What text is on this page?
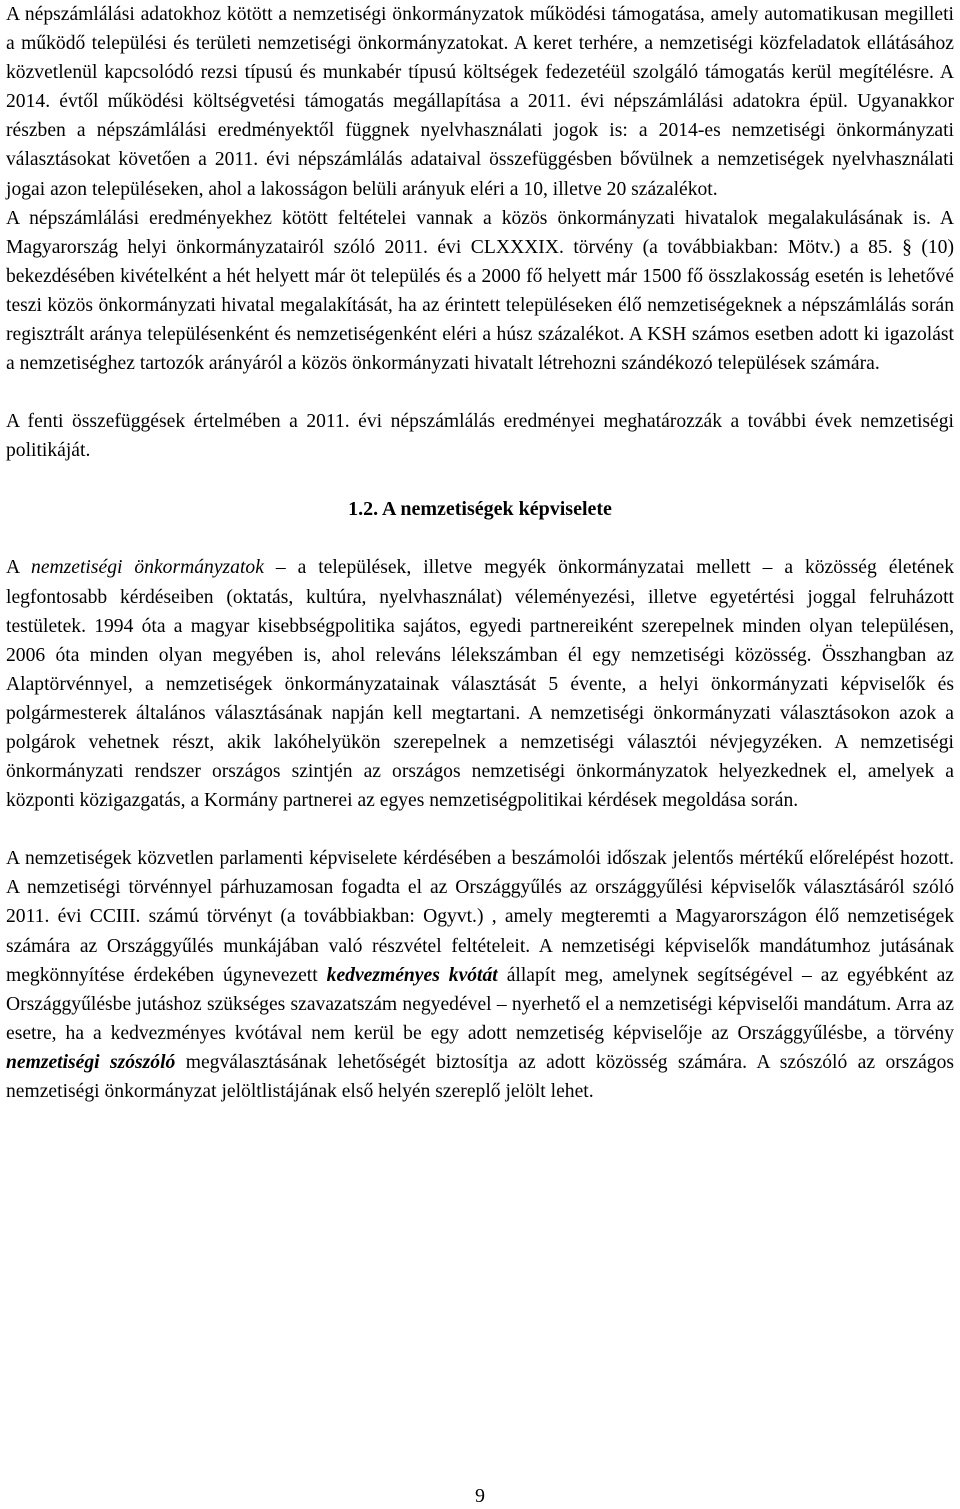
A népszámlálási adatokhoz kötött a nemzetiségi önkormányzatok működési támogatása, amely automatikusan megilleti a működő települési és területi nemzetiségi önkormányzatokat. A keret terhére, a nemzetiségi közfeladatok ellátásához közvetlenül kapcsolódó rezsi típusú és munkabér típusú költségek fedezetéül szolgáló támogatás kerül megítélésre. A 2014. évtől működési költségvetési támogatás megállapítása a 2011. évi népszámlálási adatokra épül. Ugyanakkor részben a népszámlálási eredményektől függnek nyelvhasználati jogok is: a 2014-es nemzetiségi önkormányzati választásokat követően a 2011. évi népszámlálás adataival összefüggésben bővülnek a nemzetiségek nyelvhasználati jogai azon településeken, ahol a lakosságon belüli arányuk eléri a 10, illetve 20 százalékot.

A népszámlálási eredményekhez kötött feltételei vannak a közös önkormányzati hivatalok megalakulásának is. A Magyarország helyi önkormányzatairól szóló 2011. évi CLXXXIX. törvény (a továbbiakban: Mötv.) a 85. § (10) bekezdésében kivételként a hét helyett már öt település és a 2000 fő helyett már 1500 fő összlakosság esetén is lehetővé teszi közös önkormányzati hivatal megalakítását, ha az érintett településeken élő nemzetiségeknek a népszámlálás során regisztrált aránya településenként és nemzetiségenként eléri a húsz százalékot. A KSH számos esetben adott ki igazolást a nemzetiséghez tartozók arányáról a közös önkormányzati hivatalt létrehozni szándékozó települések számára.

A fenti összefüggések értelmében a 2011. évi népszámlálás eredményei meghatározzák a további évek nemzetiségi politikáját.

1.2. A nemzetiségek képviselete

A nemzetiségi önkormányzatok – a települések, illetve megyék önkormányzatai mellett – a közösség életének legfontosabb kérdéseiben (oktatás, kultúra, nyelvhasználat) véleményezési, illetve egyetértési joggal felruházott testületek. 1994 óta a magyar kisebbségpolitika sajátos, egyedi partnereiként szerepelnek minden olyan településen, 2006 óta minden olyan megyében is, ahol releváns lélekszámban él egy nemzetiségi közösség. Összhangban az Alaptörvénnyel, a nemzetiségek önkormányzatainak választását 5 évente, a helyi önkormányzati képviselők és polgármesterek általános választásának napján kell megtartani. A nemzetiségi önkormányzati választásokon azok a polgárok vehetnek részt, akik lakóhelyükön szerepelnek a nemzetiségi választói névjegyzéken. A nemzetiségi önkormányzati rendszer országos szintjén az országos nemzetiségi önkormányzatok helyezkednek el, amelyek a központi közigazgatás, a Kormány partnerei az egyes nemzetiségpolitikai kérdések megoldása során.

A nemzetiségek közvetlen parlamenti képviselete kérdésében a beszámolói időszak jelentős mértékű előrelépést hozott. A nemzetiségi törvénnyel párhuzamosan fogadta el az Országgyűlés az országgyűlési képviselők választásáról szóló 2011. évi CCIII. számú törvényt (a továbbiakban: Ogyvt.) , amely megteremti a Magyarországon élő nemzetiségek számára az Országgyűlés munkájában való részvétel feltételeit. A nemzetiségi képviselők mandátumhoz jutásának megkönnyítése érdekében úgynevezett kedvezményes kvótát állapít meg, amelynek segítségével – az egyébként az Országgyűlésbe jutáshoz szükséges szavazatszám negyedével – nyerhető el a nemzetiségi képviselői mandátum. Arra az esetre, ha a kedvezményes kvótával nem kerül be egy adott nemzetiség képviselője az Országgyűlésbe, a törvény nemzetiségi szószóló megválasztásának lehetőségét biztosítja az adott közösség számára. A szószóló az országos nemzetiségi önkormányzat jelöltlistájának első helyén szereplő jelölt lehet.

9
